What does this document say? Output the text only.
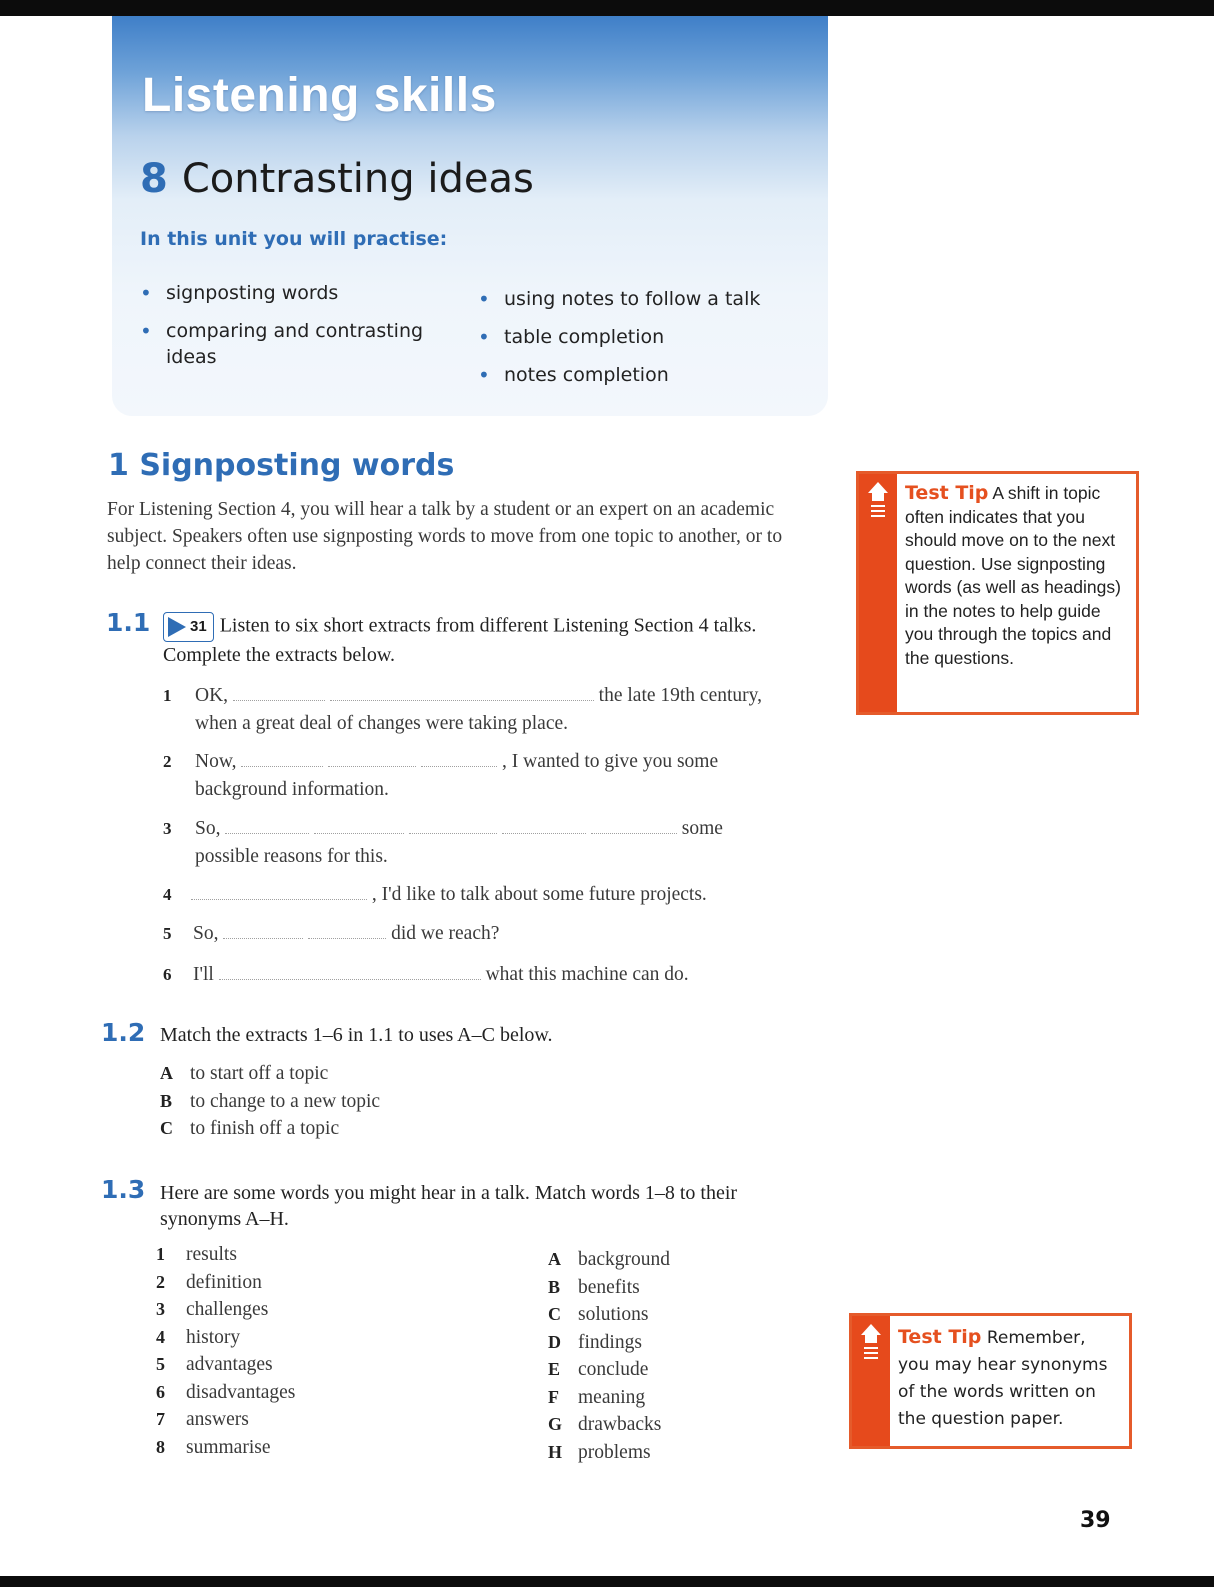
Listening skills
8 Contrasting ideas
In this unit you will practise:
• signposting words
• comparing and contrasting ideas
• using notes to follow a talk
• table completion
• notes completion
1 Signposting words

For Listening Section 4, you will hear a talk by a student or an expert on an academic subject. Speakers often use signposting words to move from one topic to another, or to help connect their ideas.

1.1	31 Listen to six short extracts from different Listening Section 4 talks. Complete the extracts below.

1	OK,	the late 19th century,
when a great deal of changes were taking place.
2	Now,	, I wanted to give you some
background information.
3	So,	some
possible reasons for this.
4	, I'd like to talk about some future projects.
5	So,	did we reach?
6	I'll	what this machine can do.
1.2 Match the extracts 1–6 in 1.1 to uses A–C below.

A to start off a topic
B to change to a new topic
C to finish off a topic
1.3 Here are some words you might hear in a talk. Match words 1–8 to their synonyms A–H.

1 results
2 definition
3 challenges
4 history
5 advantages
6 disadvantages
7 answers
8 summarise
A background
B benefits
C solutions
D findings
E conclude
F meaning
G drawbacks
H problems
Test Tip A shift in topic often indicates that you should move on to the next question. Use signposting words (as well as headings) in the notes to help guide you through the topics and the questions.
Test Tip Remember, you may hear synonyms of the words written on the question paper.
39
